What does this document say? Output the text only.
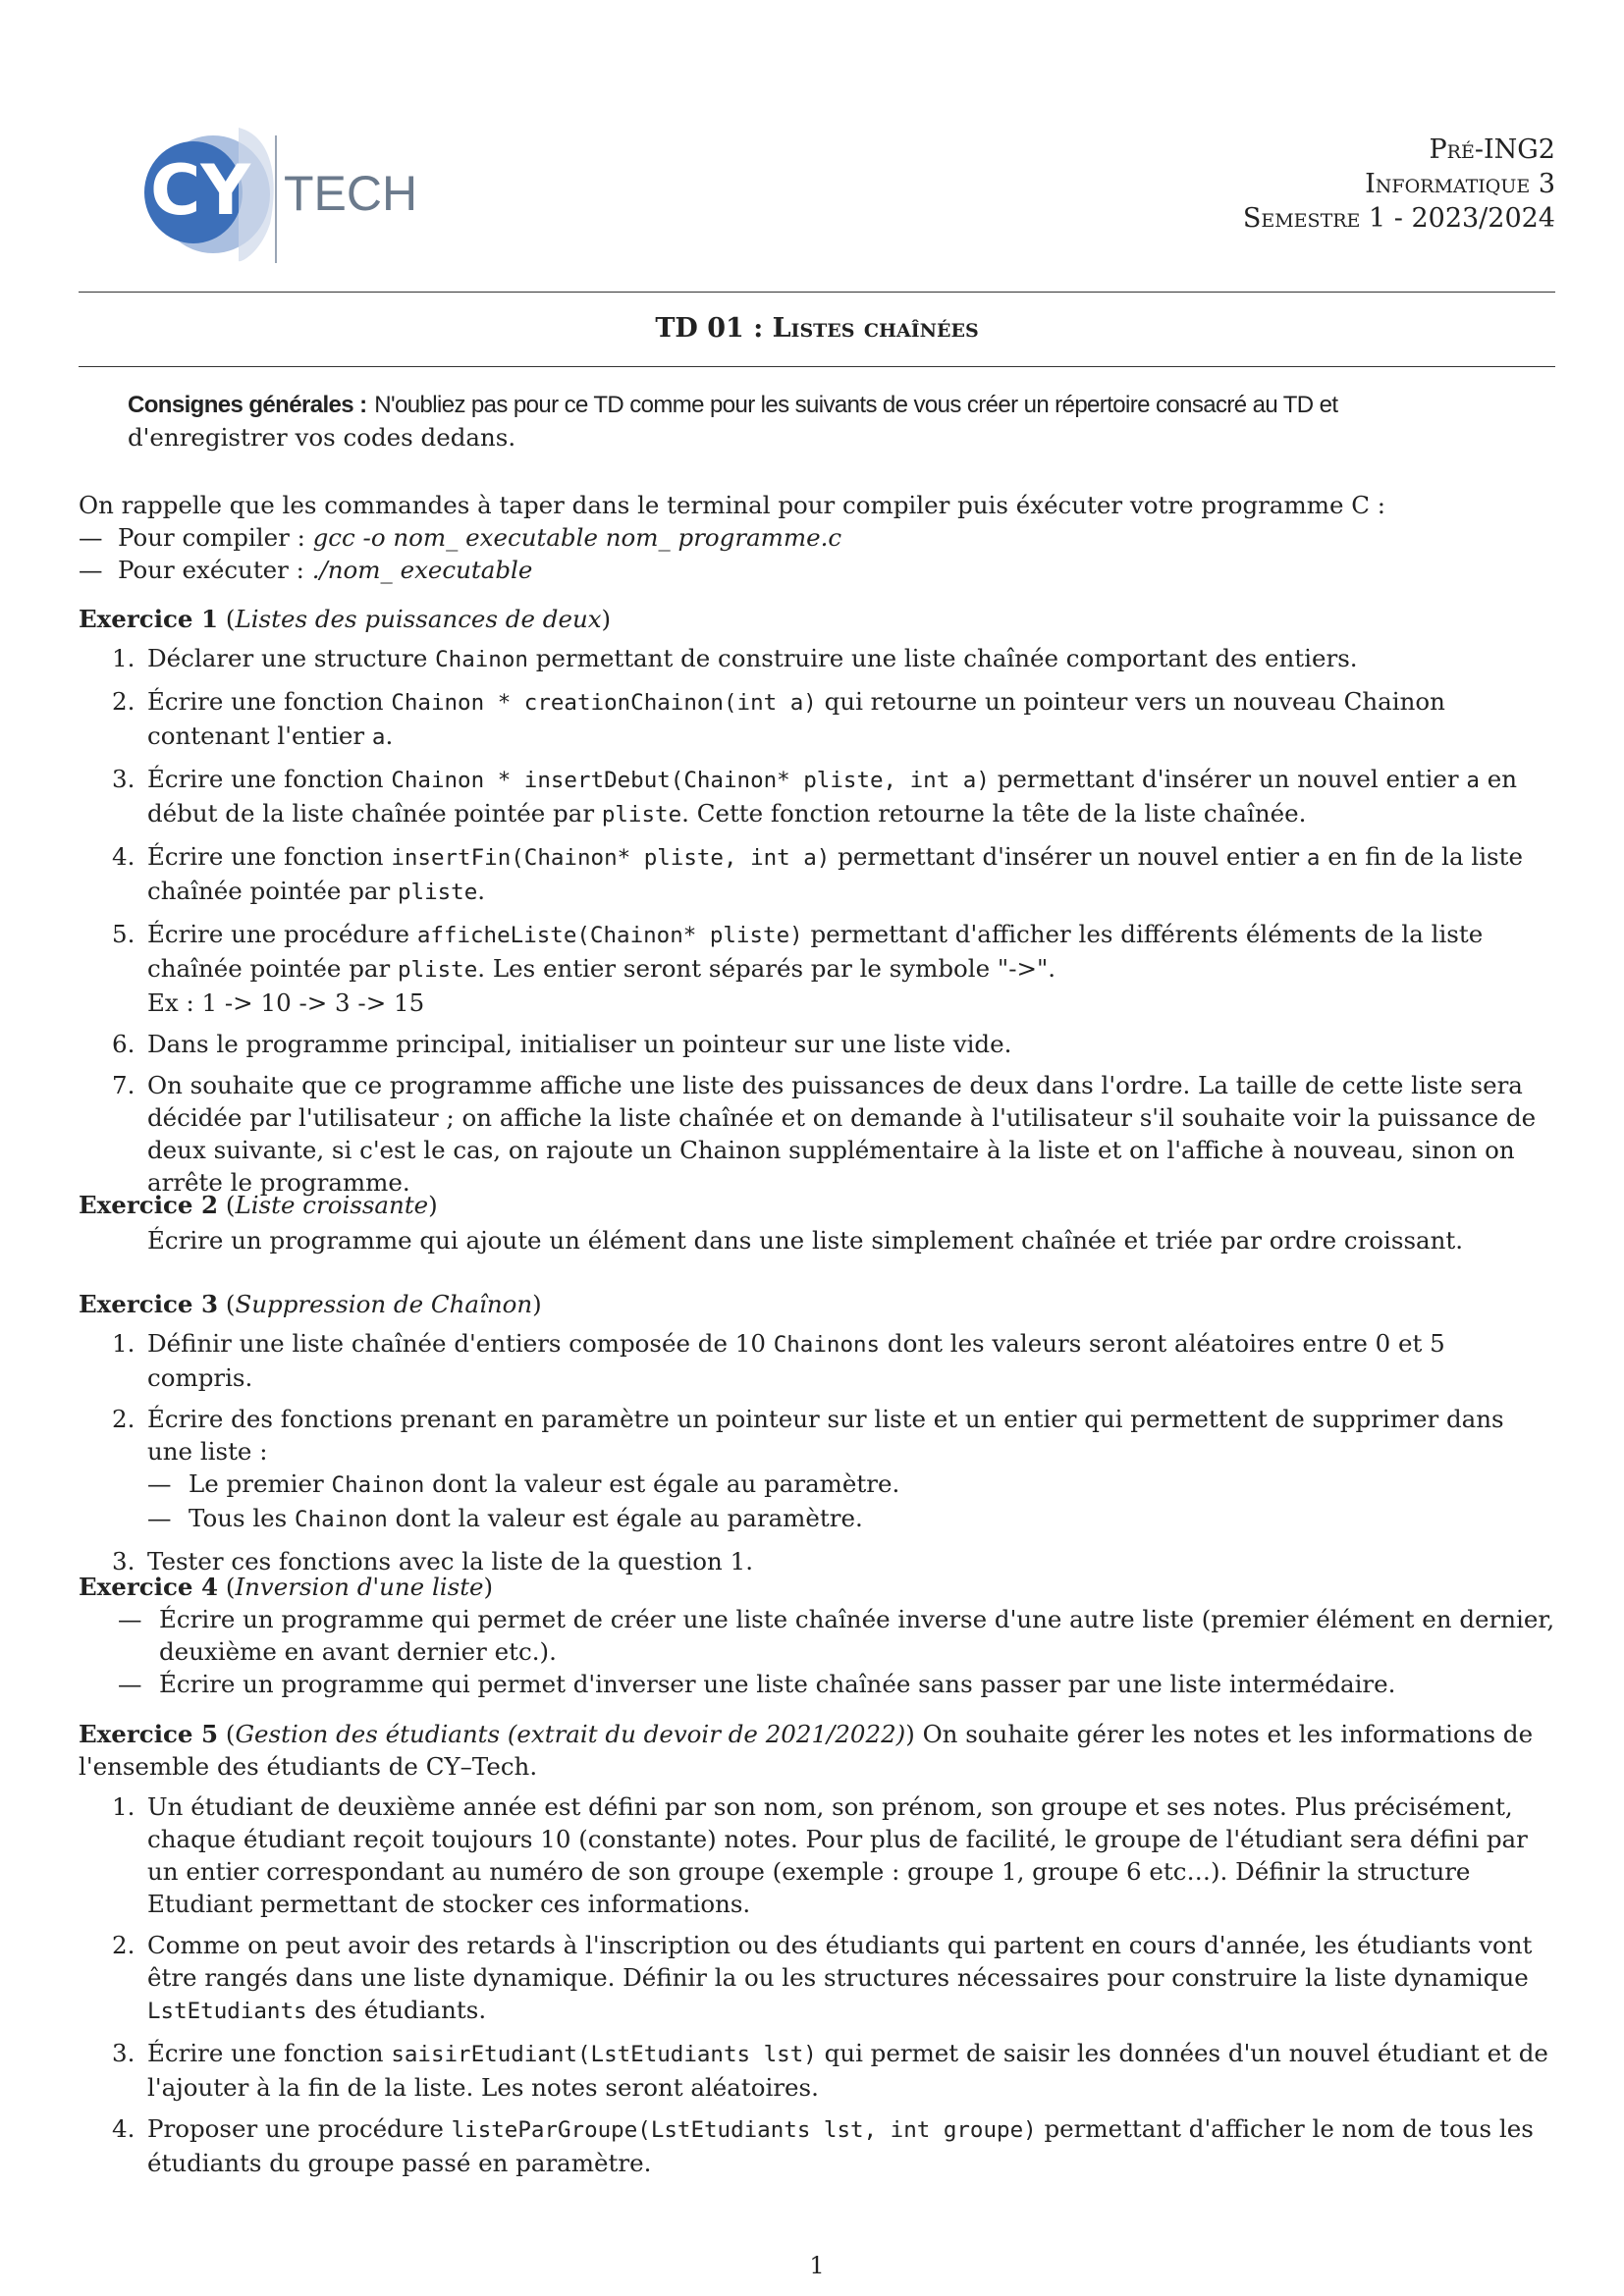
CY TECH
Pré-ING2
Informatique 3
Semestre 1 - 2023/2024
TD 01 : Listes chaînées
Consignes générales : N'oubliez pas pour ce TD comme pour les suivants de vous créer un répertoire consacré au TD et
d'enregistrer vos codes dedans.
On rappelle que les commandes à taper dans le terminal pour compiler puis éxécuter votre programme C :
— Pour compiler : gcc -o nom_ executable nom_ programme.c
— Pour exécuter : ./nom_ executable
Exercice 1 (Listes des puissances de deux)
1. Déclarer une structure Chainon permettant de construire une liste chaînée comportant des entiers.
2. Écrire une fonction Chainon * creationChainon(int a) qui retourne un pointeur vers un nouveau Chainon contenant l'entier a.
3. Écrire une fonction Chainon * insertDebut(Chainon* pliste, int a) permettant d'insérer un nouvel entier a en début de la liste chaînée pointée par pliste. Cette fonction retourne la tête de la liste chaînée.
4. Écrire une fonction insertFin(Chainon* pliste, int a) permettant d'insérer un nouvel entier a en fin de la liste chaînée pointée par pliste.
5. Écrire une procédure afficheListe(Chainon* pliste) permettant d'afficher les différents éléments de la liste chaînée pointée par pliste. Les entier seront séparés par le symbole "->".
Ex : 1 -> 10 -> 3 -> 15
6. Dans le programme principal, initialiser un pointeur sur une liste vide.
7. On souhaite que ce programme affiche une liste des puissances de deux dans l'ordre. La taille de cette liste sera décidée par l'utilisateur ; on affiche la liste chaînée et on demande à l'utilisateur s'il souhaite voir la puissance de deux suivante, si c'est le cas, on rajoute un Chainon supplémentaire à la liste et on l'affiche à nouveau, sinon on arrête le programme.
Exercice 2 (Liste croissante)
Écrire un programme qui ajoute un élément dans une liste simplement chaînée et triée par ordre croissant.
Exercice 3 (Suppression de Chaînon)
1. Définir une liste chaînée d'entiers composée de 10 Chainons dont les valeurs seront aléatoires entre 0 et 5 compris.
2. Écrire des fonctions prenant en paramètre un pointeur sur liste et un entier qui permettent de supprimer dans une liste :
— Le premier Chainon dont la valeur est égale au paramètre.
— Tous les Chainon dont la valeur est égale au paramètre.
3. Tester ces fonctions avec la liste de la question 1.
Exercice 4 (Inversion d'une liste)
— Écrire un programme qui permet de créer une liste chaînée inverse d'une autre liste (premier élément en dernier, deuxième en avant dernier etc.).
— Écrire un programme qui permet d'inverser une liste chaînée sans passer par une liste intermédaire.
Exercice 5 (Gestion des étudiants (extrait du devoir de 2021/2022)) On souhaite gérer les notes et les informations de l'ensemble des étudiants de CY–Tech.
1. Un étudiant de deuxième année est défini par son nom, son prénom, son groupe et ses notes. Plus précisément, chaque étudiant reçoit toujours 10 (constante) notes. Pour plus de facilité, le groupe de l'étudiant sera défini par un entier correspondant au numéro de son groupe (exemple : groupe 1, groupe 6 etc…). Définir la structure Etudiant permettant de stocker ces informations.
2. Comme on peut avoir des retards à l'inscription ou des étudiants qui partent en cours d'année, les étudiants vont être rangés dans une liste dynamique. Définir la ou les structures nécessaires pour construire la liste dynamique LstEtudiants des étudiants.
3. Écrire une fonction saisirEtudiant(LstEtudiants lst) qui permet de saisir les données d'un nouvel étudiant et de l'ajouter à la fin de la liste. Les notes seront aléatoires.
4. Proposer une procédure listeParGroupe(LstEtudiants lst, int groupe) permettant d'afficher le nom de tous les étudiants du groupe passé en paramètre.
1
